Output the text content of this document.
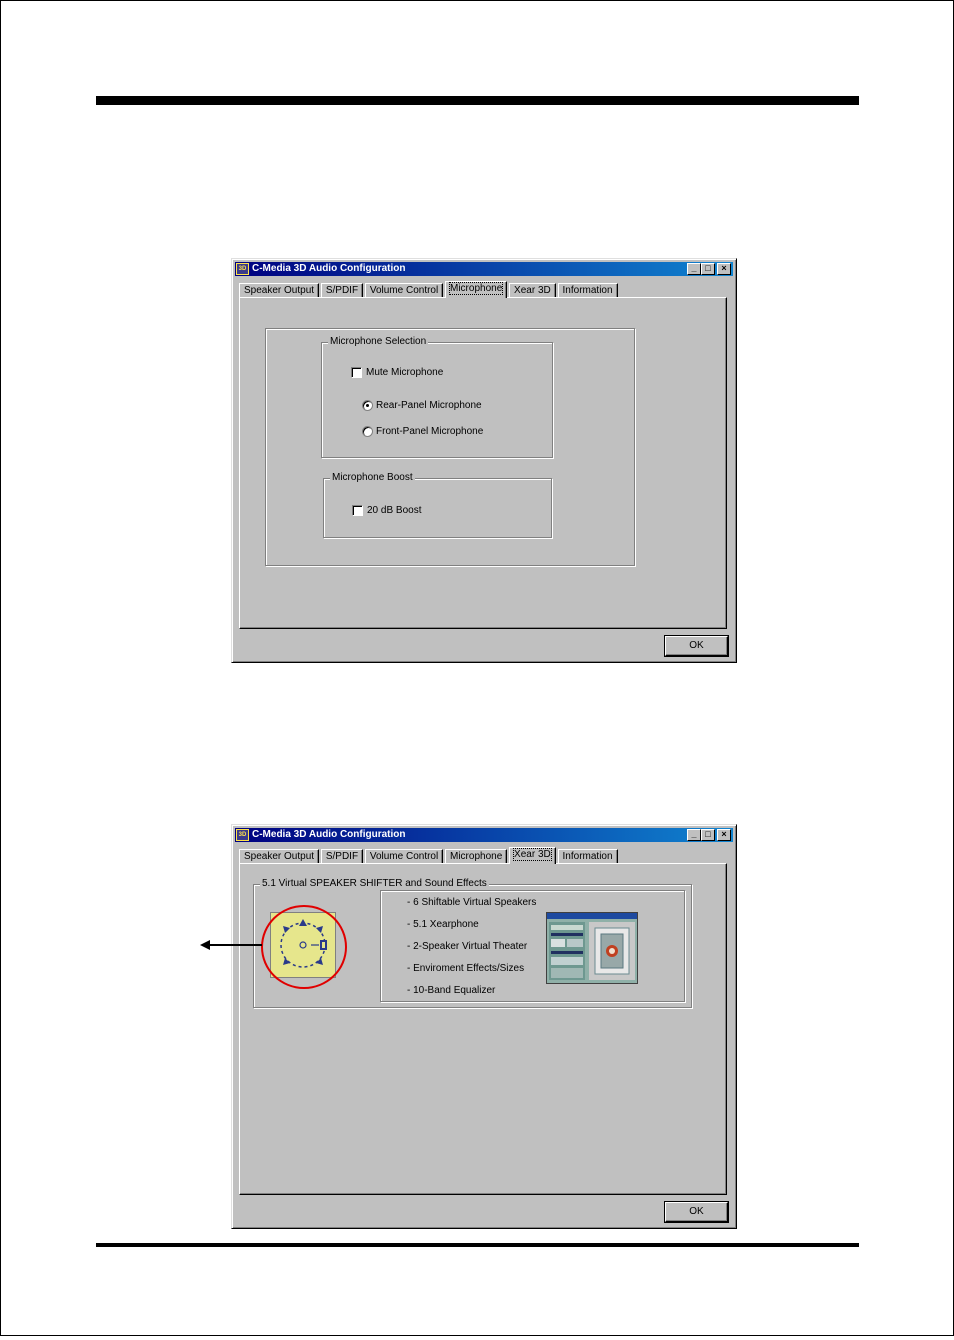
3D C-Media 3D Audio Configuration	_ □	×
Speaker Output S/PDIF Volume Control Microphone Xear 3D Information
Microphone Selection
Mute Microphone
Rear-Panel Microphone
Front-Panel Microphone
Microphone Boost
20 dB Boost
OK
3D C-Media 3D Audio Configuration	_ □	×
Speaker Output S/PDIF Volume Control Microphone Xear 3D Information
5.1 Virtual SPEAKER SHIFTER and Sound Effects
- 6 Shiftable Virtual Speakers
- 5.1 Xearphone
- 2-Speaker Virtual Theater
- Enviroment Effects/Sizes
- 10-Band Equalizer
OK
